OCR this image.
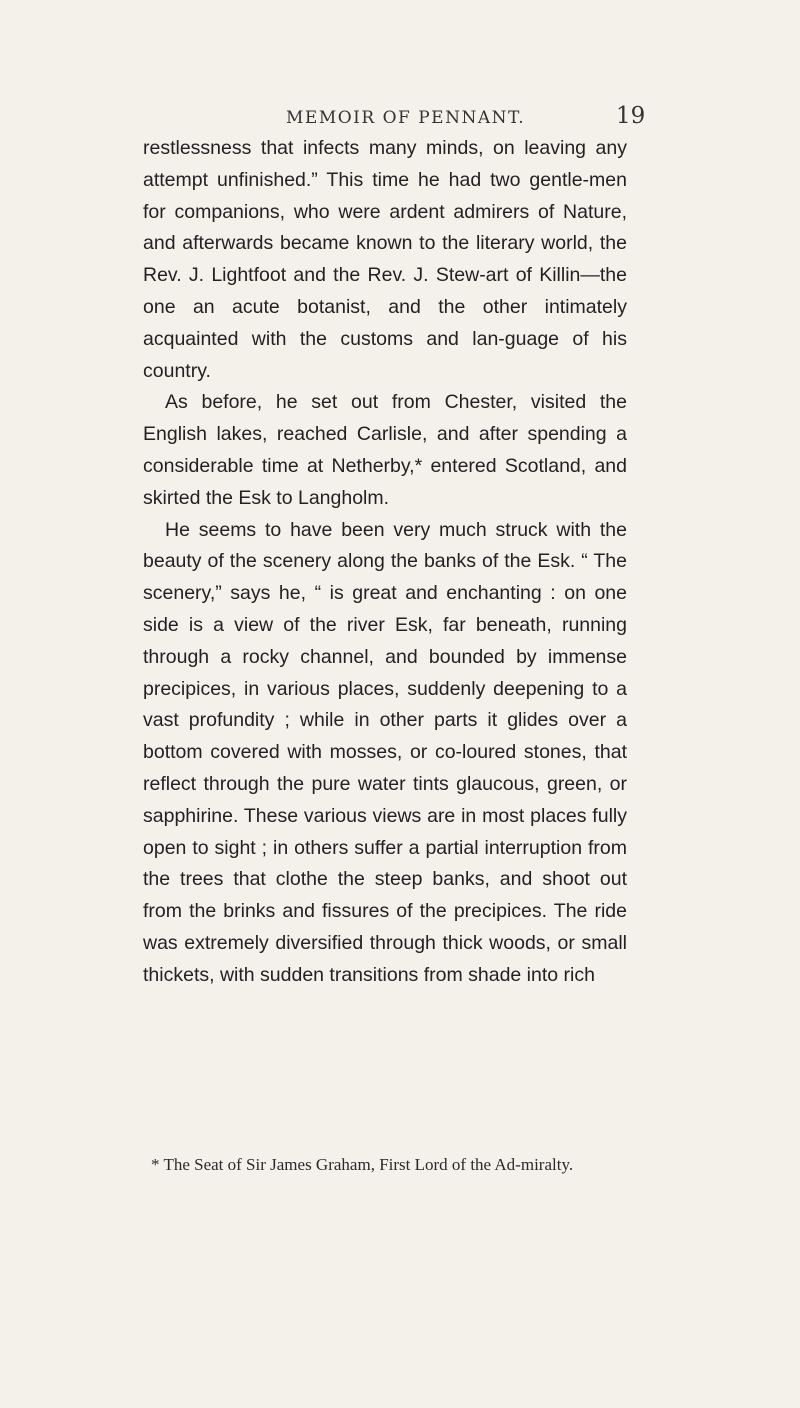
MEMOIR OF PENNANT.	19

restlessness that infects many minds, on leaving any attempt unfinished.” This time he had two gentle-men for companions, who were ardent admirers of Nature, and afterwards became known to the literary world, the Rev. J. Lightfoot and the Rev. J. Stew-art of Killin—the one an acute botanist, and the other intimately acquainted with the customs and lan-guage of his country.

As before, he set out from Chester, visited the English lakes, reached Carlisle, and after spending a considerable time at Netherby,* entered Scotland, and skirted the Esk to Langholm.

He seems to have been very much struck with the beauty of the scenery along the banks of the Esk. “ The scenery,” says he, “ is great and enchanting : on one side is a view of the river Esk, far beneath, running through a rocky channel, and bounded by immense precipices, in various places, suddenly deepening to a vast profundity ; while in other parts it glides over a bottom covered with mosses, or co-loured stones, that reflect through the pure water tints glaucous, green, or sapphirine. These various views are in most places fully open to sight ; in others suffer a partial interruption from the trees that clothe the steep banks, and shoot out from the brinks and fissures of the precipices. The ride was extremely diversified through thick woods, or small thickets, with sudden transitions from shade into rich

* The Seat of Sir James Graham, First Lord of the Ad-miralty.
